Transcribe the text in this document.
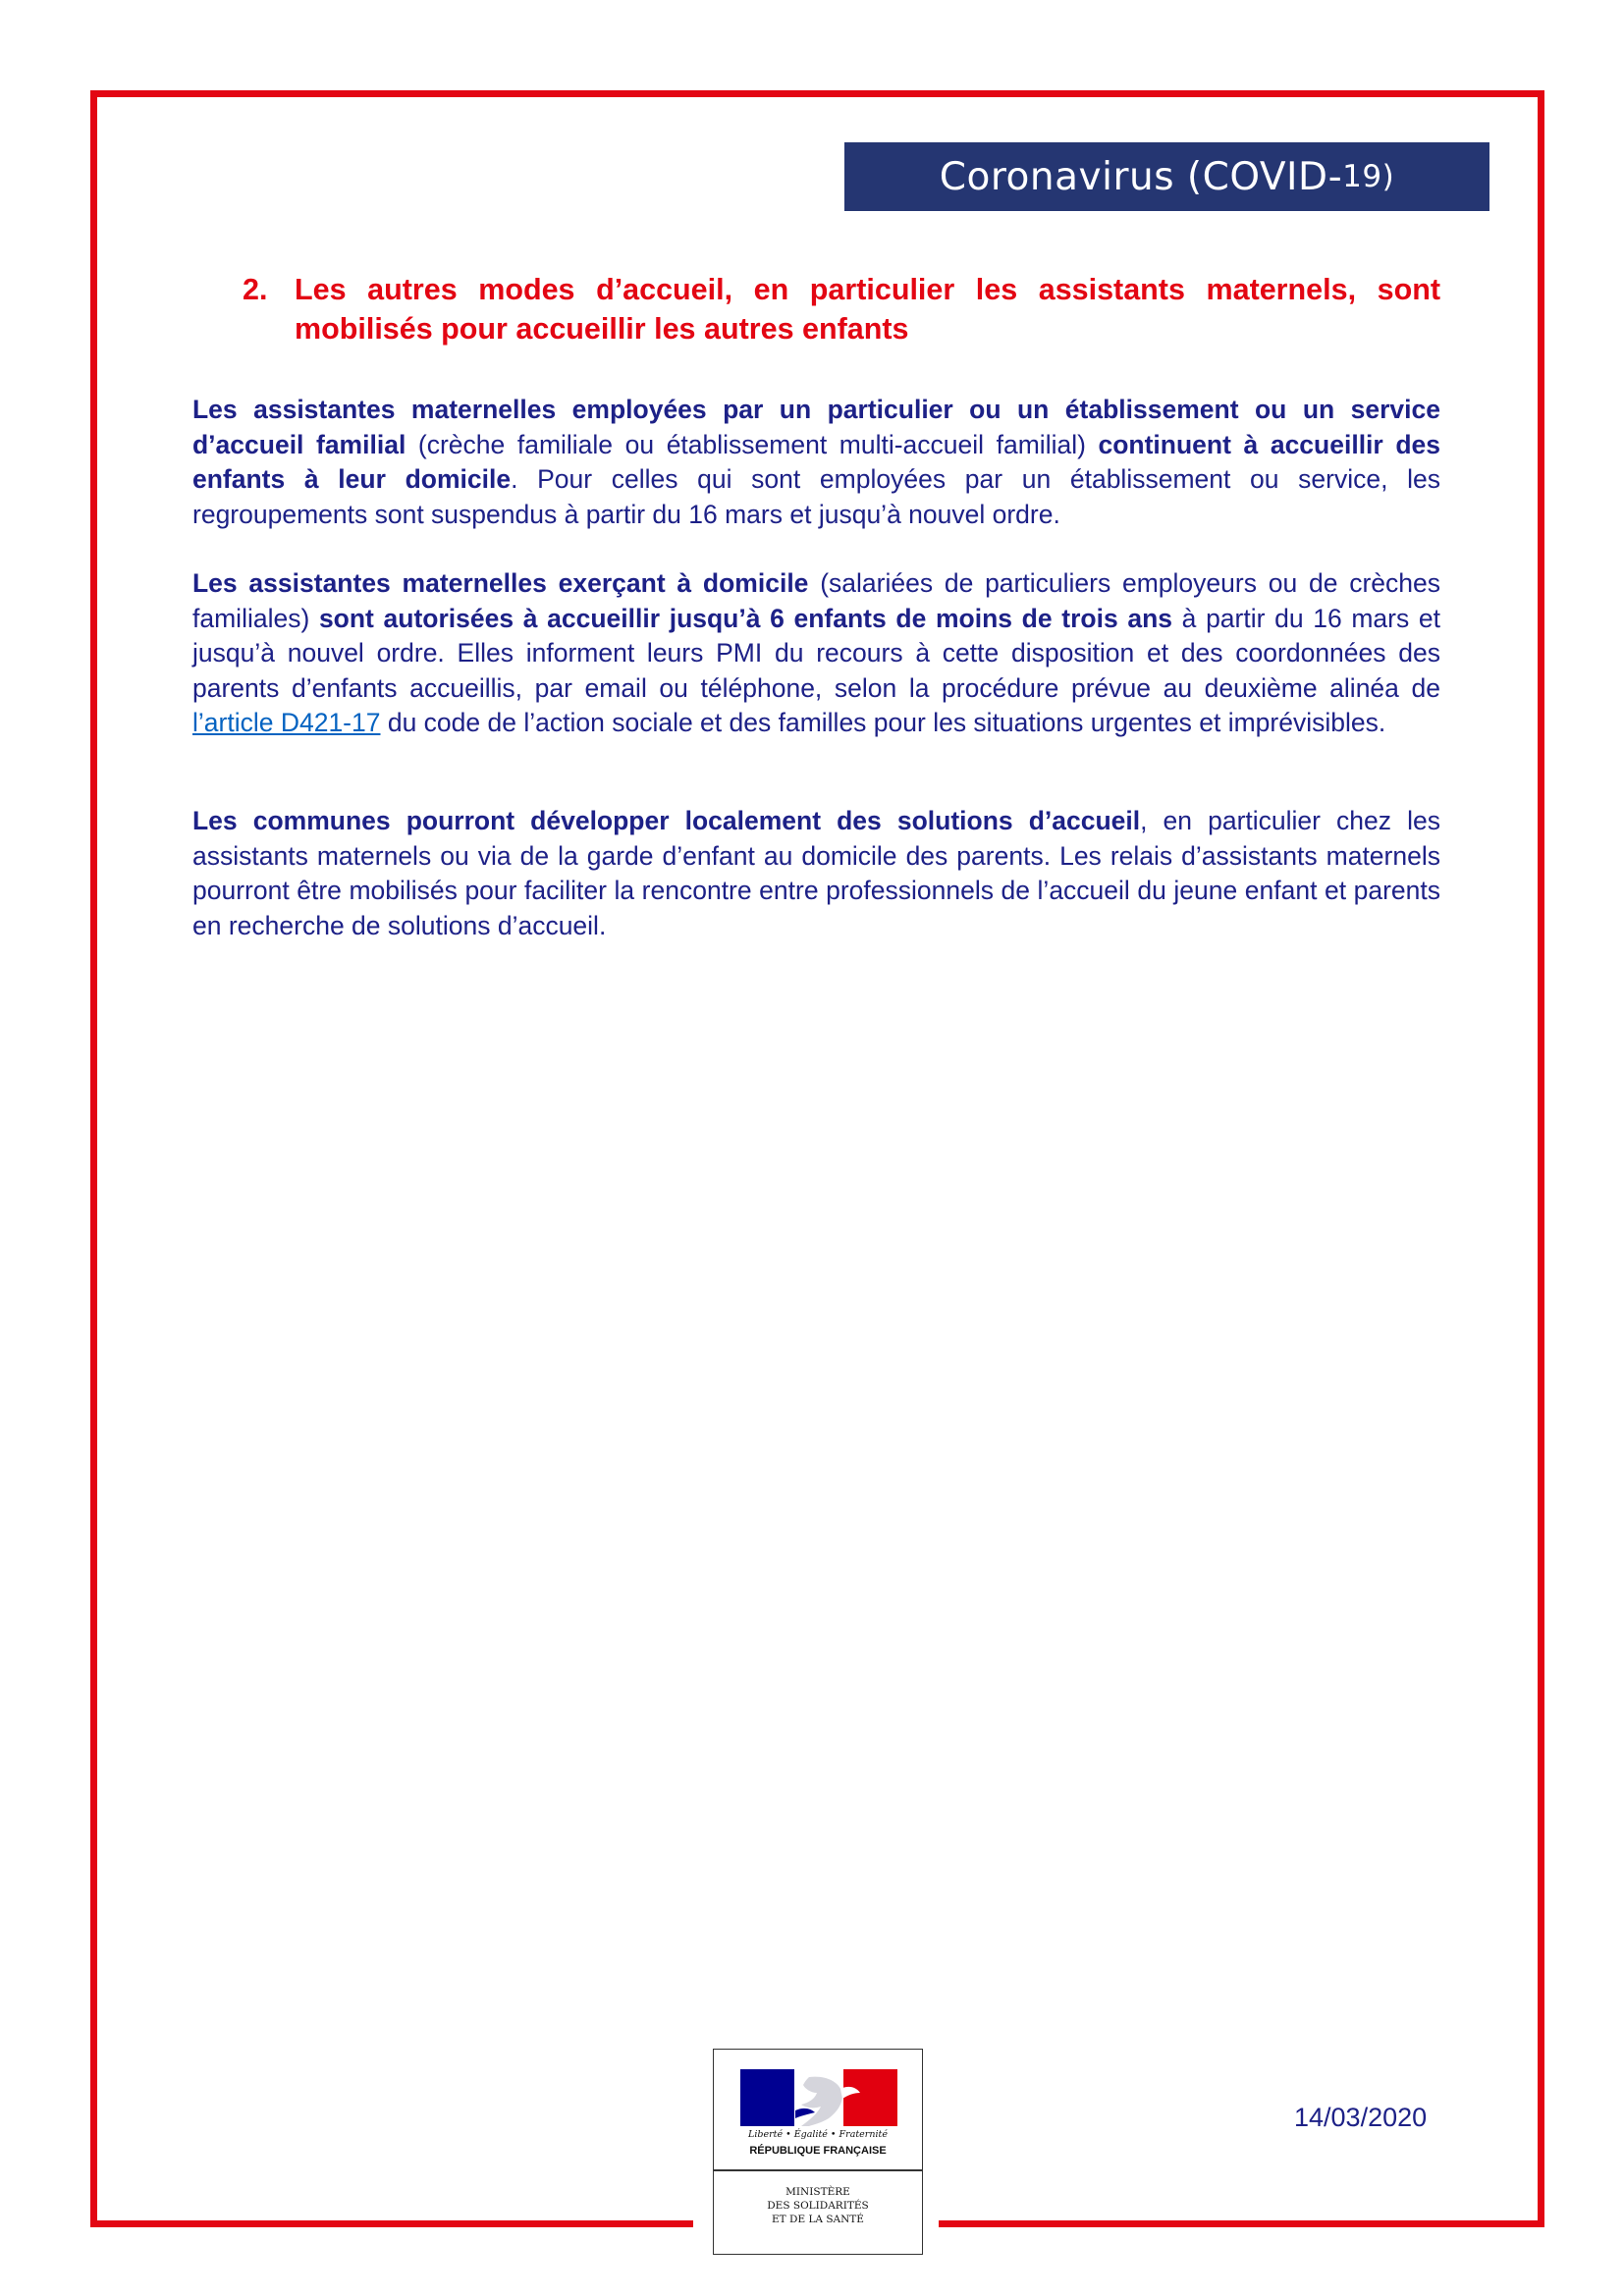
Coronavirus (COVID- 19)
2. Les autres modes d’accueil, en particulier les assistants maternels, sont mobilisés pour accueillir les autres enfants
Les assistantes maternelles employées par un particulier ou un établissement ou un service d’accueil familial (crèche familiale ou établissement multi-accueil familial) continuent à accueillir des enfants à leur domicile. Pour celles qui sont employées par un établissement ou service, les regroupements sont suspendus à partir du 16 mars et jusqu’à nouvel ordre.
Les assistantes maternelles exerçant à domicile (salariées de particuliers employeurs ou de crèches familiales) sont autorisées à accueillir jusqu’à 6 enfants de moins de trois ans à partir du 16 mars et jusqu’à nouvel ordre. Elles informent leurs PMI du recours à cette disposition et des coordonnées des parents d’enfants accueillis, par email ou téléphone, selon la procédure prévue au deuxième alinéa de l’article D421-17 du code de l’action sociale et des familles pour les situations urgentes et imprévisibles.
Les communes pourront développer localement des solutions d’accueil, en particulier chez les assistants maternels ou via de la garde d’enfant au domicile des parents. Les relais d’assistants maternels pourront être mobilisés pour faciliter la rencontre entre professionnels de l’accueil du jeune enfant et parents en recherche de solutions d’accueil.
Liberté • Égalité • Fraternité
RÉPUBLIQUE FRANÇAISE
MINISTÈRE
DES SOLIDARITÉS
ET DE LA SANTÉ
14/03/2020
